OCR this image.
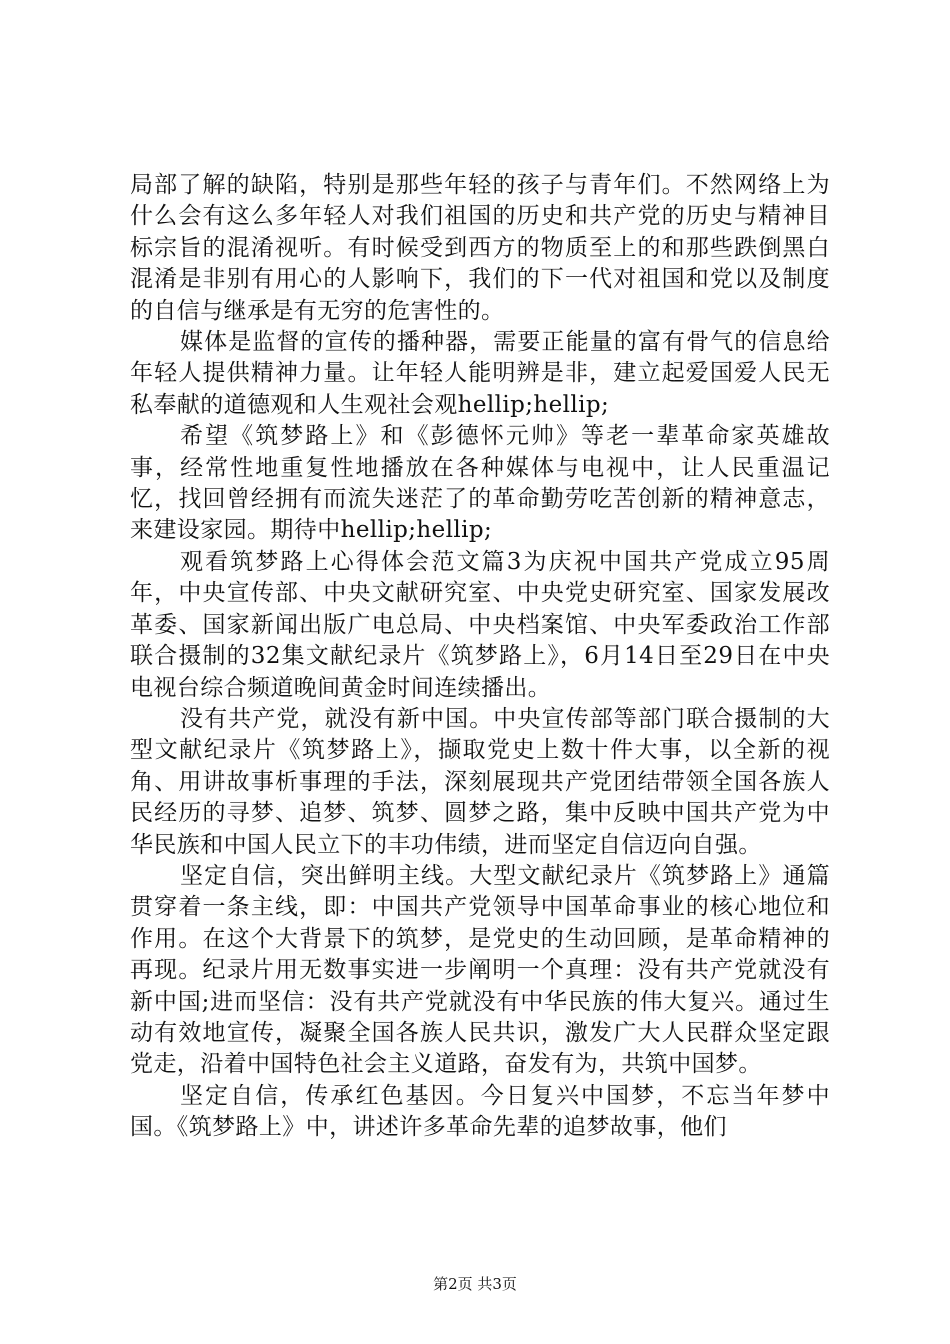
局部了解的缺陷，特别是那些年轻的孩子与青年们。不然网络上为什么会有这么多年轻人对我们祖国的历史和共产党的历史与精神目标宗旨的混淆视听。有时候受到西方的物质至上的和那些跌倒黑白混淆是非别有用心的人影响下，我们的下一代对祖国和党以及制度的自信与继承是有无穷的危害性的。

媒体是监督的宣传的播种器，需要正能量的富有骨气的信息给年轻人提供精神力量。让年轻人能明辨是非，建立起爱国爱人民无私奉献的道德观和人生观社会观hellip;hellip;

希望《筑梦路上》和《彭德怀元帅》等老一辈革命家英雄故事，经常性地重复性地播放在各种媒体与电视中，让人民重温记忆，找回曾经拥有而流失迷茫了的革命勤劳吃苦创新的精神意志，来建设家园。期待中hellip;hellip;

观看筑梦路上心得体会范文篇3为庆祝中国共产党成立95周年，中央宣传部、中央文献研究室、中央党史研究室、国家发展改革委、国家新闻出版广电总局、中央档案馆、中央军委政治工作部联合摄制的32集文献纪录片《筑梦路上》，6月14日至29日在中央电视台综合频道晚间黄金时间连续播出。

没有共产党，就没有新中国。中央宣传部等部门联合摄制的大型文献纪录片《筑梦路上》，撷取党史上数十件大事，以全新的视角、用讲故事析事理的手法，深刻展现共产党团结带领全国各族人民经历的寻梦、追梦、筑梦、圆梦之路，集中反映中国共产党为中华民族和中国人民立下的丰功伟绩，进而坚定自信迈向自强。

坚定自信，突出鲜明主线。大型文献纪录片《筑梦路上》通篇贯穿着一条主线，即：中国共产党领导中国革命事业的核心地位和作用。在这个大背景下的筑梦，是党史的生动回顾，是革命精神的再现。纪录片用无数事实进一步阐明一个真理：没有共产党就没有新中国;进而坚信：没有共产党就没有中华民族的伟大复兴。通过生动有效地宣传，凝聚全国各族人民共识，激发广大人民群众坚定跟党走，沿着中国特色社会主义道路，奋发有为，共筑中国梦。

坚定自信，传承红色基因。今日复兴中国梦，不忘当年梦中国。《筑梦路上》中，讲述许多革命先辈的追梦故事，他们

第2页 共3页
